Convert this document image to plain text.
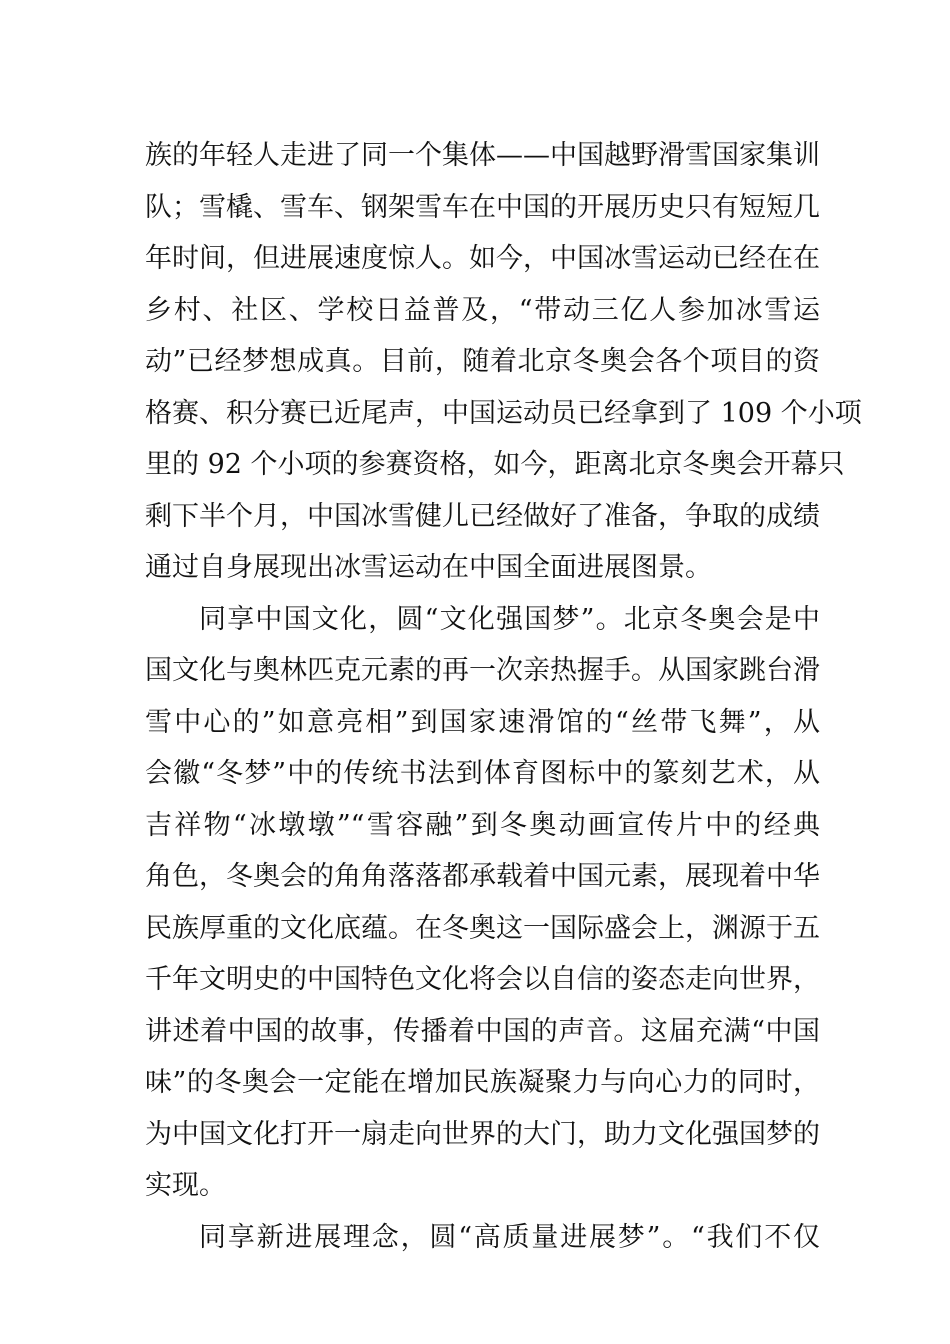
族的年轻人走进了同一个集体——中国越野滑雪国家集训
队；雪橇、雪车、钢架雪车在中国的开展历史只有短短几
年时间，但进展速度惊人。如今，中国冰雪运动已经在在
乡村、社区、学校日益普及，“带动三亿人参加冰雪运
动”已经梦想成真。目前，随着北京冬奥会各个项目的资
格赛、积分赛已近尾声，中国运动员已经拿到了 109 个小项
里的 92 个小项的参赛资格，如今，距离北京冬奥会开幕只
剩下半个月，中国冰雪健儿已经做好了准备，争取的成绩
通过自身展现出冰雪运动在中国全面进展图景。
同享中国文化，圆“文化强国梦”。北京冬奥会是中
国文化与奥林匹克元素的再一次亲热握手。从国家跳台滑
雪中心的”如意亮相”到国家速滑馆的“丝带飞舞”，从
会徽“冬梦”中的传统书法到体育图标中的篆刻艺术，从
吉祥物“冰墩墩”“雪容融”到冬奥动画宣传片中的经典
角色，冬奥会的角角落落都承载着中国元素，展现着中华
民族厚重的文化底蕴。在冬奥这一国际盛会上，渊源于五
千年文明史的中国特色文化将会以自信的姿态走向世界，
讲述着中国的故事，传播着中国的声音。这届充满“中国
味”的冬奥会一定能在增加民族凝聚力与向心力的同时，
为中国文化打开一扇走向世界的大门，助力文化强国梦的
实现。
同享新进展理念，圆“高质量进展梦”。“我们不仅
